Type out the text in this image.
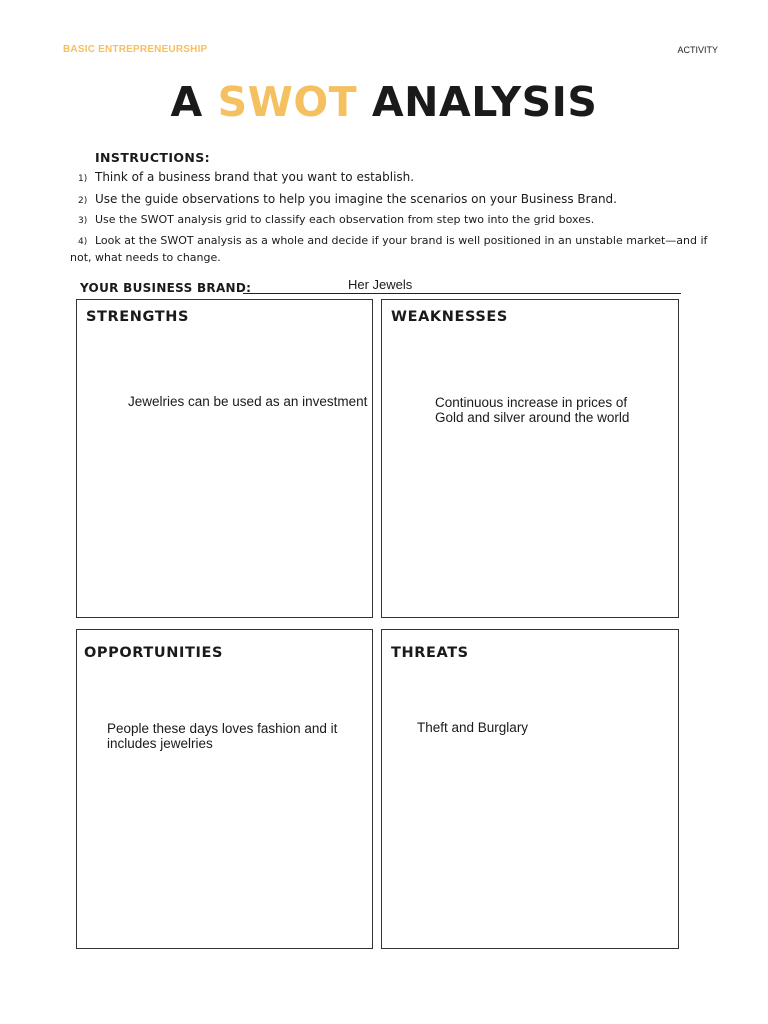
BASIC ENTREPRENEURSHIP	ACTIVITY
A SWOT ANALYSIS
INSTRUCTIONS:
1) Think of a business brand that you want to establish.
2) Use the guide observations to help you imagine the scenarios on your Business Brand.
3) Use the SWOT analysis grid to classify each observation from step two into the grid boxes.
4) Look at the SWOT analysis as a whole and decide if your brand is well positioned in an unstable market—and if not, what needs to change.
YOUR BUSINESS BRAND:	Her Jewels
STRENGTHS
Jewelries can be used as an investment
WEAKNESSES
Continuous increase in prices of Gold and silver around the world
OPPORTUNITIES
People these days loves fashion and it includes jewelries
THREATS
Theft and Burglary
